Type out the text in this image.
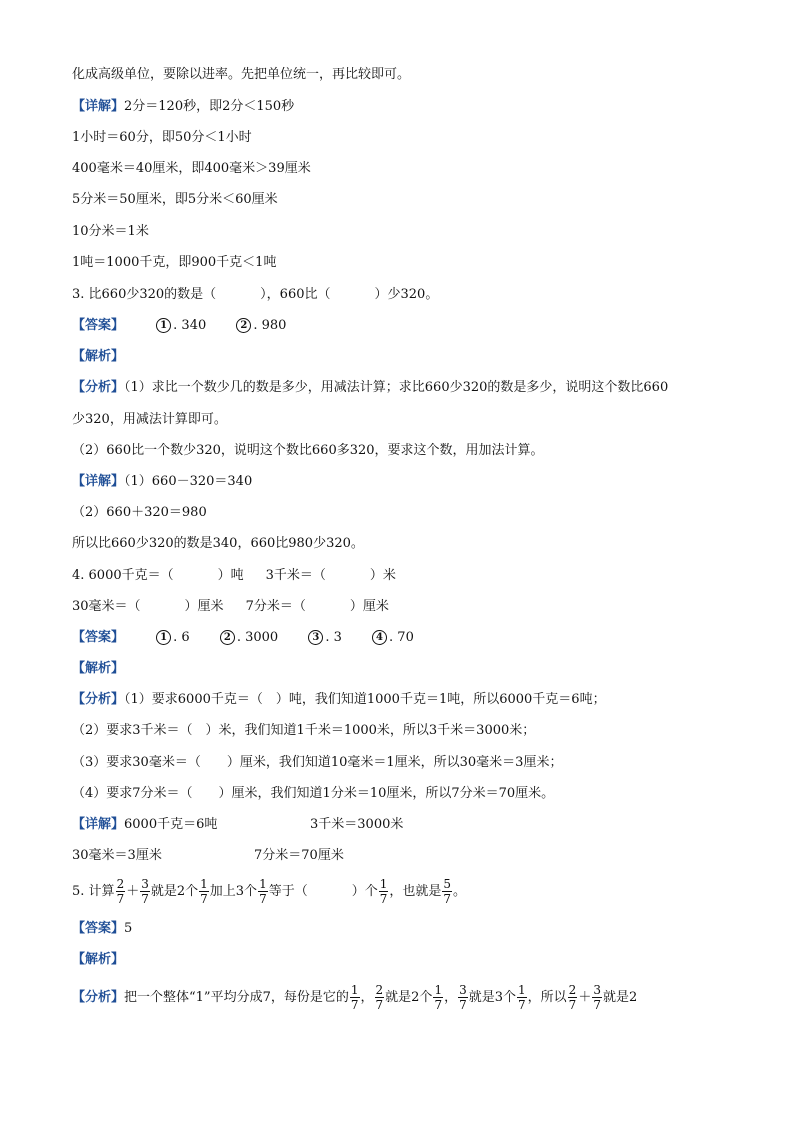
化成高级单位，要除以进率。先把单位统一，再比较即可。
【详解】2分＝120秒，即2分＜150秒
1小时＝60分，即50分＜1小时
400毫米＝40厘米，即400毫米＞39厘米
5分米＝50厘米，即5分米＜60厘米
10分米＝1米
1吨＝1000千克，即900千克＜1吨
3. 比660少320的数是（	），660比（	）少320。
【答案】	1 . 340	2 . 980
【解析】
【分析】（1）求比一个数少几的数是多少，用减法计算；求比660少320的数是多少，说明这个数比660
少320，用减法计算即可。
（2）660比一个数少320，说明这个数比660多320，要求这个数，用加法计算。
【详解】（1）660－320＝340
（2）660＋320＝980
所以比660少320的数是340，660比980少320。
4. 6000千克＝（	）吨 3千米＝（	）米
30毫米＝（	）厘米 7分米＝（	）厘米
【答案】	1 . 6	2 . 3000	3 . 3	4 . 70
【解析】
【分析】（1）要求6000千克＝（　）吨，我们知道1000千克＝1吨，所以6000千克＝6吨；
（2）要求3千米＝（　）米，我们知道1千米＝1000米，所以3千米＝3000米；
（3）要求30毫米＝（　　）厘米，我们知道10毫米＝1厘米，所以30毫米＝3厘米；
（4）要求7分米＝（　　）厘米，我们知道1分米＝10厘米，所以7分米＝70厘米。
【详解】6000千克＝6吨	3千米＝3000米
30毫米＝3厘米	7分米＝70厘米
5. 计算 $\frac{2}{7} + \frac{3}{7}$ 就是2个 $\frac{1}{7}$ 加上3个 $\frac{1}{7}$ 等于（	）个 $\frac{1}{7}$ ，也就是 $\frac{5}{7}$ 。
【答案】5
【解析】
【分析】把一个整体“1”平均分成7，每份是它的 $\frac{1}{7}$ ， $\frac{2}{7}$ 就是2个 $\frac{1}{7}$ ， $\frac{3}{7}$ 就是3个 $\frac{1}{7}$ ，所以 $\frac{2}{7} + \frac{3}{7}$ 就是2
